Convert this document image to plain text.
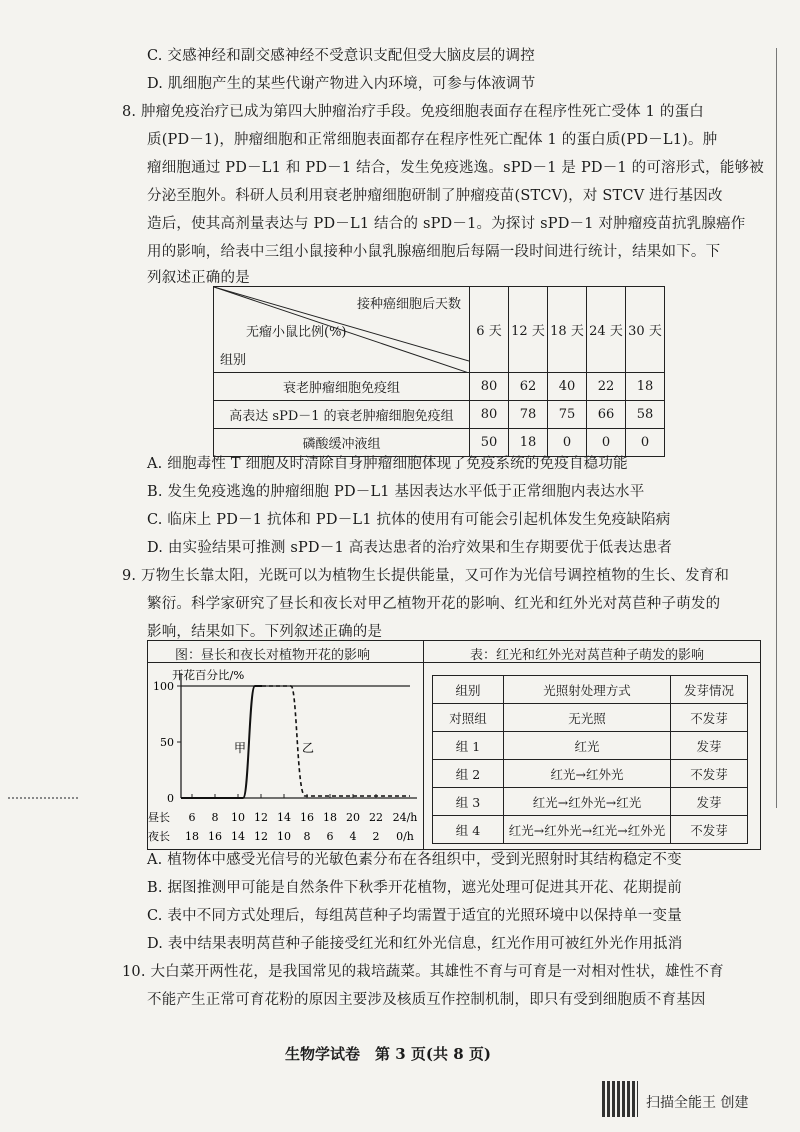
C. 交感神经和副交感神经不受意识支配但受大脑皮层的调控
D. 肌细胞产生的某些代谢产物进入内环境，可参与体液调节
8. 肿瘤免疫治疗已成为第四大肿瘤治疗手段。免疫细胞表面存在程序性死亡受体 1 的蛋白
质(PD－1)，肿瘤细胞和正常细胞表面都存在程序性死亡配体 1 的蛋白质(PD－L1)。肿
瘤细胞通过 PD－L1 和 PD－1 结合，发生免疫逃逸。sPD－1 是 PD－1 的可溶形式，能够被
分泌至胞外。科研人员利用衰老肿瘤细胞研制了肿瘤疫苗(STCV)，对 STCV 进行基因改
造后，使其高剂量表达与 PD－L1 结合的 sPD－1。为探讨 sPD－1 对肿瘤疫苗抗乳腺癌作
用的影响，给表中三组小鼠接种小鼠乳腺癌细胞后每隔一段时间进行统计，结果如下。下
列叙述正确的是
A. 细胞毒性 T 细胞及时清除自身肿瘤细胞体现了免疫系统的免疫自稳功能
B. 发生免疫逃逸的肿瘤细胞 PD－L1 基因表达水平低于正常细胞内表达水平
C. 临床上 PD－1 抗体和 PD－L1 抗体的使用有可能会引起机体发生免疫缺陷病
D. 由实验结果可推测 sPD－1 高表达患者的治疗效果和生存期要优于低表达患者
9. 万物生长靠太阳，光既可以为植物生长提供能量，又可作为光信号调控植物的生长、发育和
繁衍。科学家研究了昼长和夜长对甲乙植物开花的影响、红光和红外光对莴苣种子萌发的
影响，结果如下。下列叙述正确的是
A. 植物体中感受光信号的光敏色素分布在各组织中，受到光照射时其结构稳定不变
B. 据图推测甲可能是自然条件下秋季开花植物，遮光处理可促进其开花、花期提前
C. 表中不同方式处理后，每组莴苣种子均需置于适宜的光照环境中以保持单一变量
D. 表中结果表明莴苣种子能接受红光和红外光信息，红光作用可被红外光作用抵消
10. 大白菜开两性花，是我国常见的栽培蔬菜。其雄性不育与可育是一对相对性状，雄性不育
不能产生正常可育花粉的原因主要涉及核质互作控制机制，即只有受到细胞质不育基因
接种癌细胞后天数
无瘤小鼠比例(%)
组别	6 天	12 天	18 天	24 天	30 天
衰老肿瘤细胞免疫组	80	62	40	22	18
高表达 sPD－1 的衰老肿瘤细胞免疫组	80	78	75	66	58
磷酸缓冲液组	50	18	0	0	0
图：昼长和夜长对植物开花的影响	表：红光和红外光对莴苣种子萌发的影响
开花百分比/%
100
50
0
甲	乙
昼长 6 8 10 12 14 16 18 20 22 24/h
夜长 18 16 14 12 10 8 6 4 2 0/h
组别	光照射处理方式	发芽情况
对照组	无光照	不发芽
组 1	红光	发芽
组 2	红光→红外光	不发芽
组 3	红光→红外光→红光	发芽
组 4	红光→红外光→红光→红外光	不发芽
生物学试卷　第 3 页(共 8 页)
扫描全能王 创建
